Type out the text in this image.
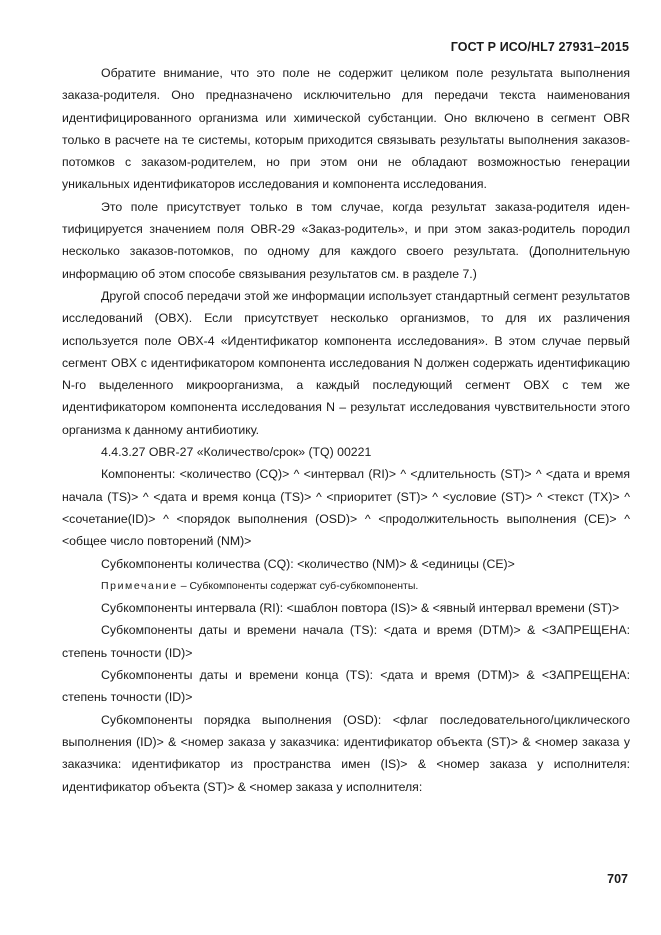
ГОСТ Р ИСО/HL7 27931–2015

Обратите внимание, что это поле не содержит целиком поле результата выполнения заказа-родителя. Оно предназначено исключительно для передачи текста наименования идентифицированного организма или химической субстанции. Оно включено в сегмент OBR только в расчете на те системы, которым приходится связывать результаты выполнения заказов-потомков с заказом-родителем, но при этом они не обладают возможностью генерации уникальных идентификаторов исследования и компонента исследования.

Это поле присутствует только в том случае, когда результат заказа-родителя идентифицируется значением поля OBR-29 «Заказ-родитель», и при этом заказ-родитель породил несколько заказов-потомков, по одному для каждого своего результата. (Дополнительную информацию об этом способе связывания результатов см. в разделе 7.)

Другой способ передачи этой же информации использует стандартный сегмент результатов исследований (OBX). Если присутствует несколько организмов, то для их различения используется поле OBX-4 «Идентификатор компонента исследования». В этом случае первый сегмент OBX с идентификатором компонента исследования N должен содержать идентификацию N-го выделенного микроорганизма, а каждый последующий сегмент OBX с тем же идентификатором компонента исследования N – результат исследования чувствительности этого организма к данному антибиотику.

4.4.3.27 OBR-27 «Количество/срок» (TQ) 00221

Компоненты: <количество (CQ)> ^ <интервал (RI)> ^ <длительность (ST)> ^ <дата и время начала (TS)> ^ <дата и время конца (TS)> ^ <приоритет (ST)> ^ <условие (ST)> ^ <текст (TX)> ^ <сочетание(ID)> ^ <порядок выполнения (OSD)> ^ <продолжительность выполнения (CE)> ^ <общее число повторений (NM)>

Субкомпоненты количества (CQ): <количество (NM)> & <единицы (CE)>

Примечание – Субкомпоненты содержат суб-субкомпоненты.

Субкомпоненты интервала (RI): <шаблон повтора (IS)> & <явный интервал времени (ST)>

Субкомпоненты даты и времени начала (TS): <дата и время (DTM)> & <ЗАПРЕЩЕНА: степень точности (ID)>

Субкомпоненты даты и времени конца (TS): <дата и время (DTM)> & <ЗАПРЕЩЕНА: степень точности (ID)>

Субкомпоненты порядка выполнения (OSD): <флаг последовательного/циклического выполнения (ID)> & <номер заказа у заказчика: идентификатор объекта (ST)> & <номер заказа у заказчика: идентификатор из пространства имен (IS)> & <номер заказа у исполнителя: идентификатор объекта (ST)> & <номер заказа у исполнителя:

707
